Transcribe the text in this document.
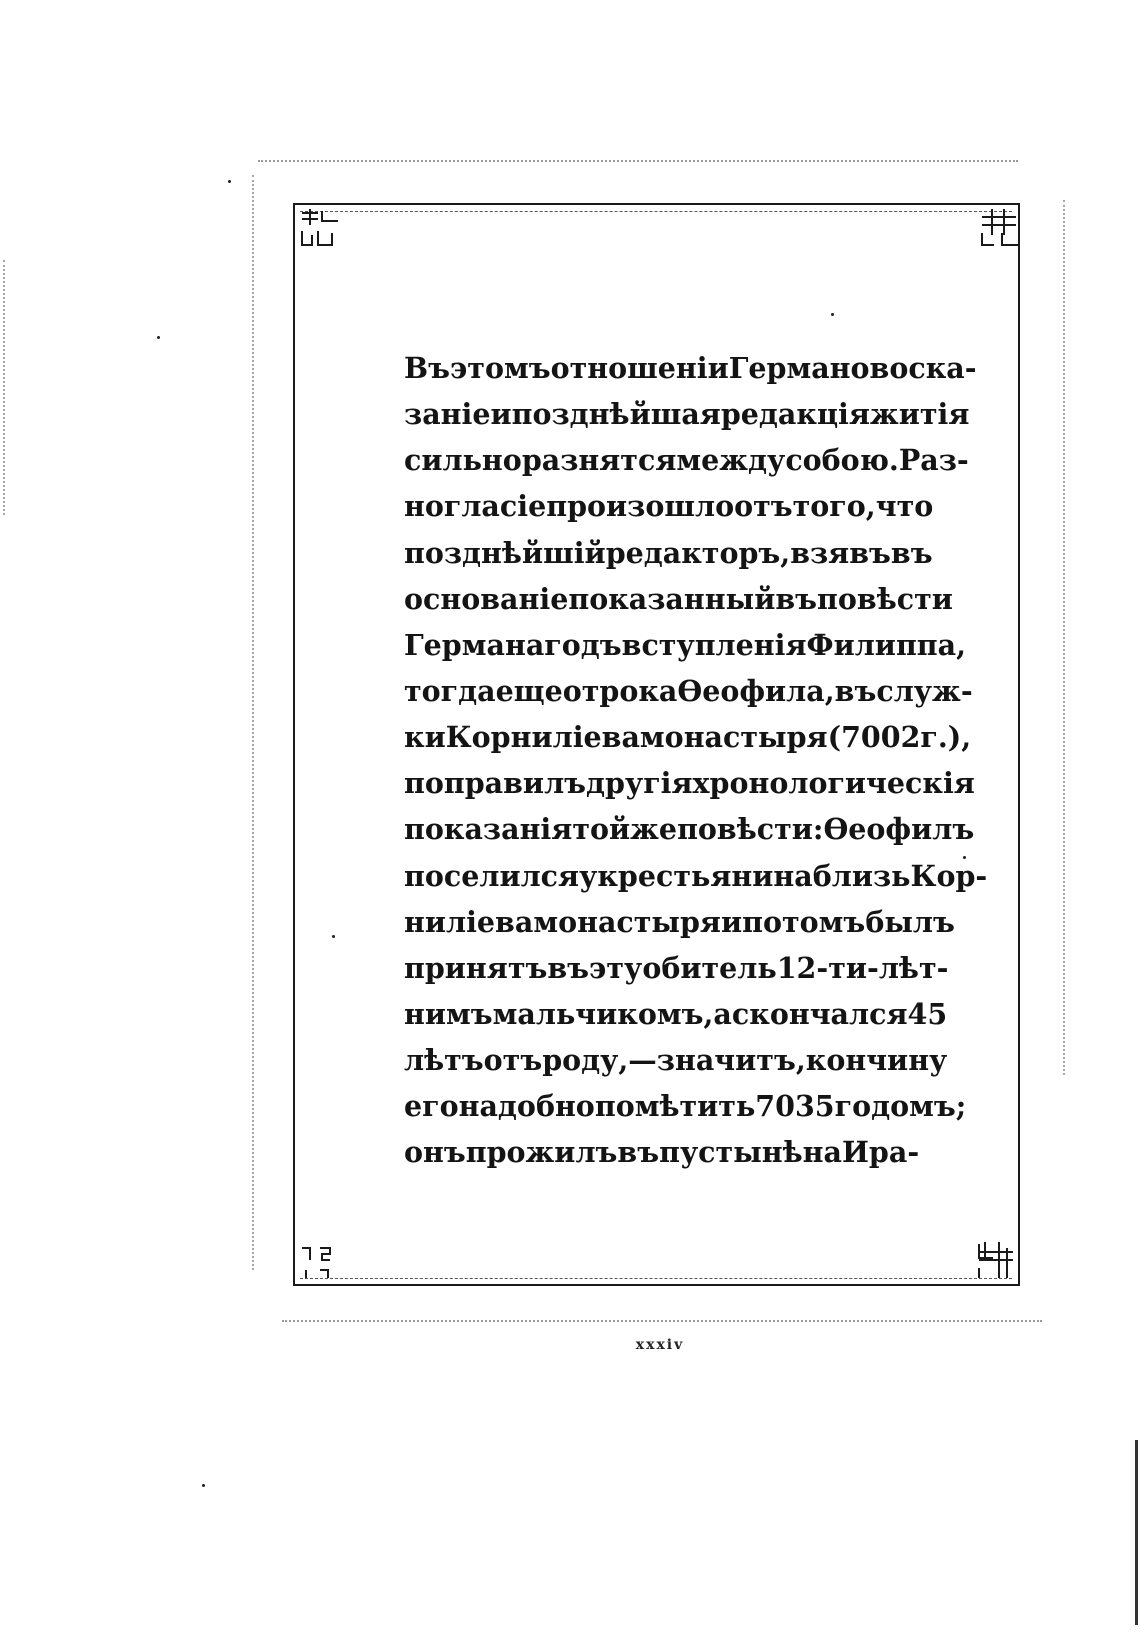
Въ этомъ отношеніи Германово ска-
заніе и позднѣйшая редакція житія
сильно разнятся между собою. Раз-
ногласіе произошло отъ того, что
позднѣйшій редакторъ, взявъ въ
основаніе показанный въ повѣсти
Германа годъ вступленія Филиппа,
тогда еще отрока Өеофила, въ служ-
ки Корниліева монастыря (7002 г.),
поправилъ другія хронологическія
показанія той же повѣсти: Өеофилъ
поселился у крестьянина близь Кор-
ниліева монастыря и потомъ былъ
принятъ въ эту обитель 12-ти-лѣт-
нимъ мальчикомъ, а скончался 45
лѣтъ отъ роду,—значитъ, кончину
его надобно помѣтить 7035 годомъ;
онъ прожилъ въ пустынѣ на Ира-
xxxiv
